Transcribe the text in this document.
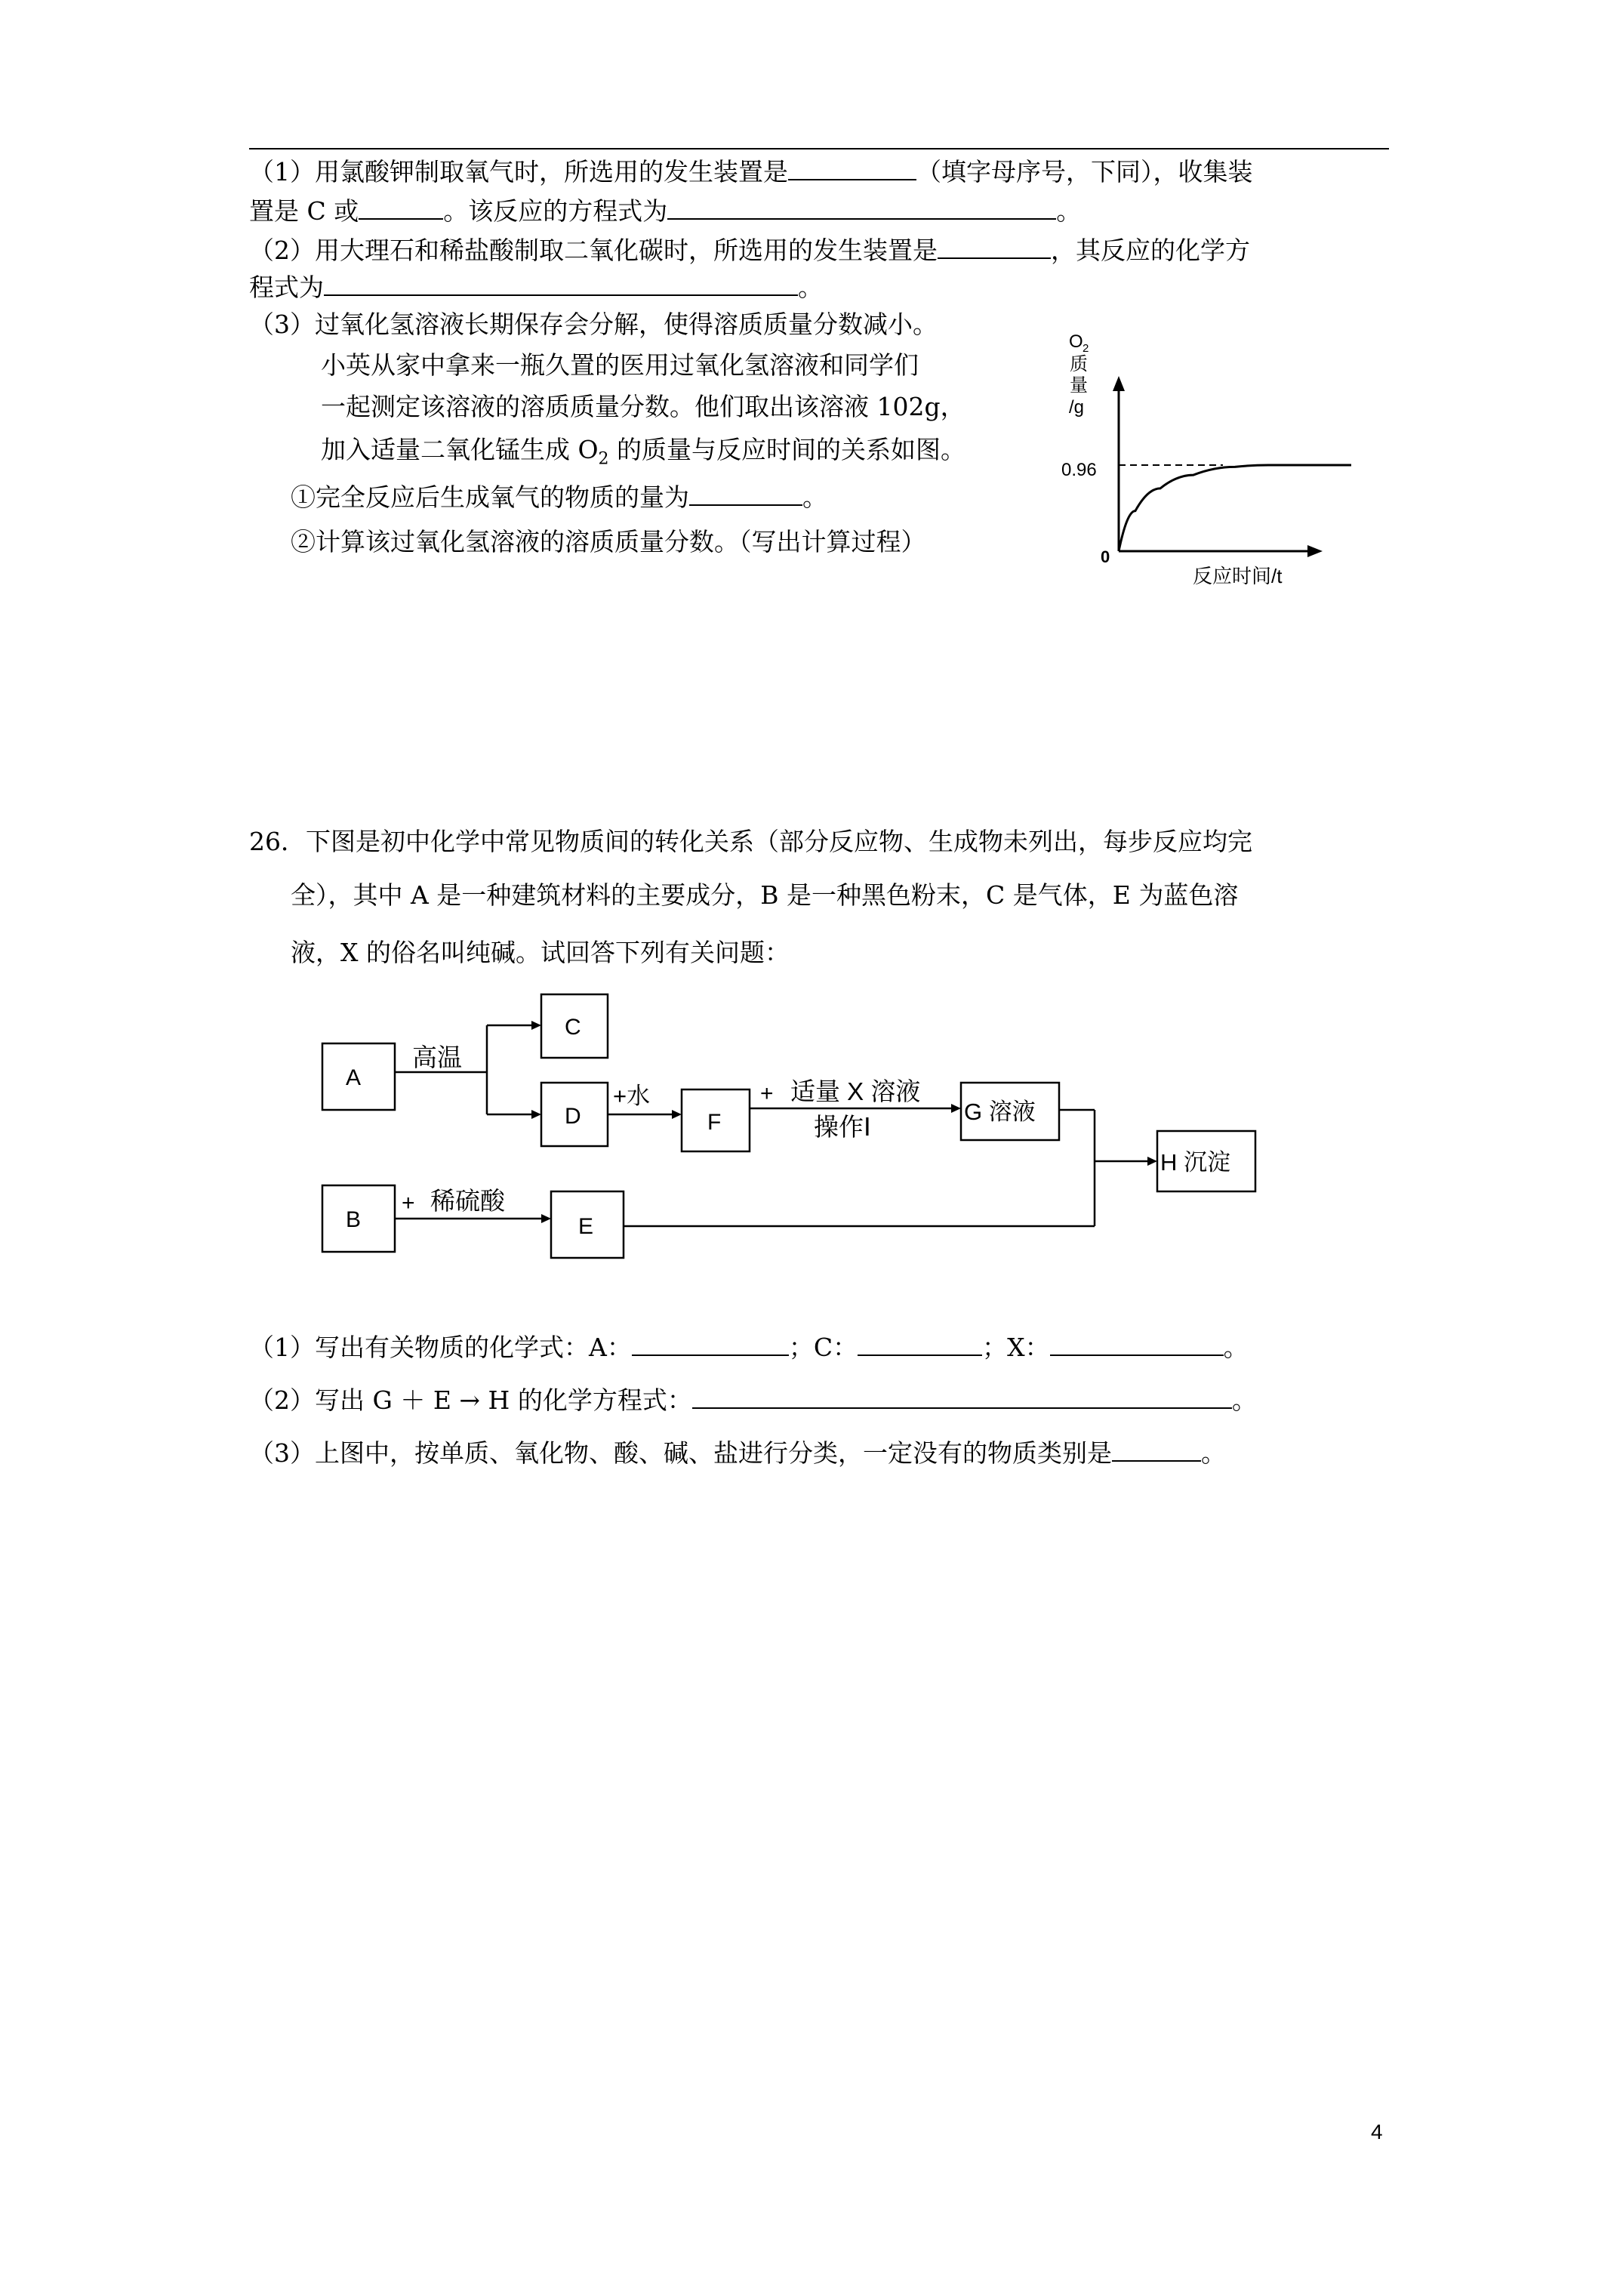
（1）用氯酸钾制取氧气时，所选用的发生装置是	（填字母序号，下同），收集装
置是 C 或	。该反应的方程式为	。
（2）用大理石和稀盐酸制取二氧化碳时，所选用的发生装置是	，其反应的化学方
程式为	。
（3）过氧化氢溶液长期保存会分解，使得溶质质量分数减小。
小英从家中拿来一瓶久置的医用过氧化氢溶液和同学们
一起测定该溶液的溶质质量分数。他们取出该溶液 102g，
加入适量二氧化锰生成 $O_2$ 的质量与反应时间的关系如图。
①完全反应后生成氧气的物质的量为	。
②计算该过氧化氢溶液的溶质质量分数。（写出计算过程）
O 2
质
量
/g
0
0.96
反应时间/t
26．下图是初中化学中常见物质间的转化关系（部分反应物、生成物未列出，每步反应均完
全），其中 A 是一种建筑材料的主要成分，B 是一种黑色粉末，C 是气体，E 为蓝色溶
液，X 的俗名叫纯碱。试回答下列有关问题：
A
C
D	F	G 溶液
H 沉淀
B	E
高温
+水	+ 适量 X 溶液
操作Ⅰ
+ 稀硫酸
（1）写出有关物质的化学式：A：	；C：	；X：	。
（2）写出 G ＋ E → H 的化学方程式：	。
（3）上图中，按单质、氧化物、酸、碱、盐进行分类，一定没有的物质类别是	。
4
